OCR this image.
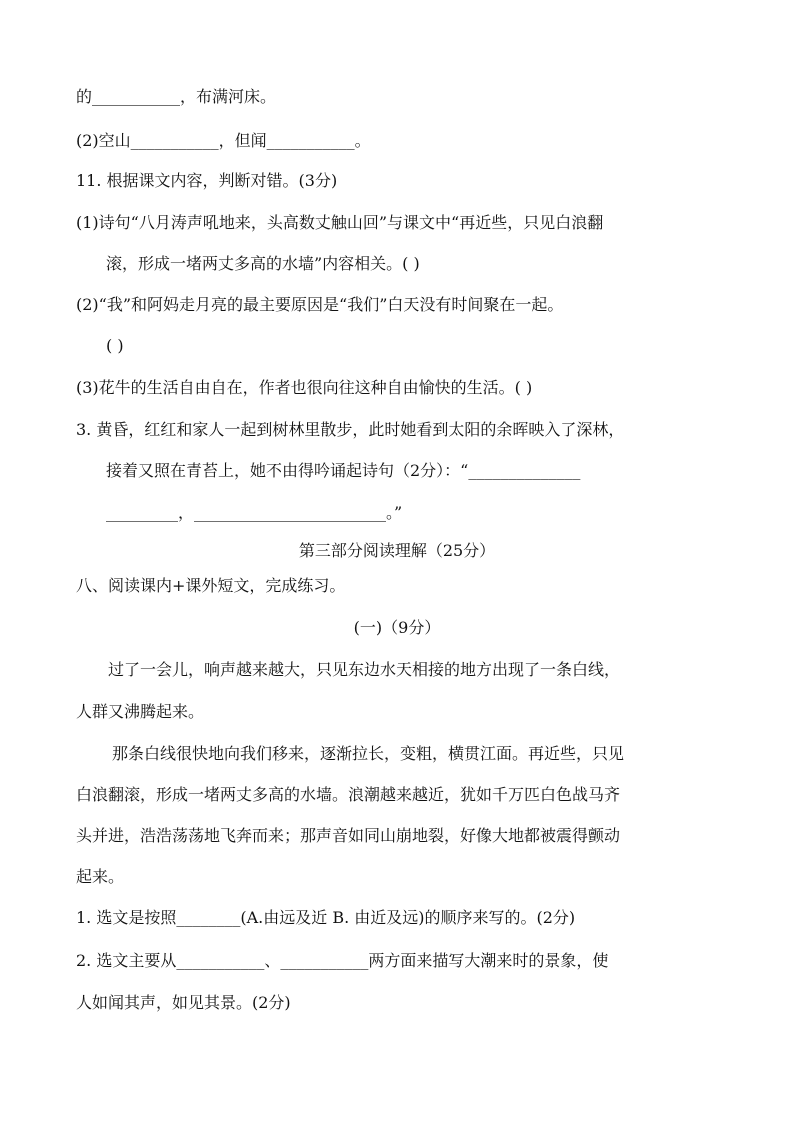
的___________，布满河床。
(2)空山___________，但闻___________。
11. 根据课文内容，判断对错。(3分)
(1)诗句“八月涛声吼地来，头高数丈触山回”与课文中“再近些，只见白浪翻
滚，形成一堵两丈多高的水墙”内容相关。( )
(2)“我”和阿妈走月亮的最主要原因是“我们”白天没有时间聚在一起。
( )
(3)花牛的生活自由自在，作者也很向往这种自由愉快的生活。( )
3. 黄昏，红红和家人一起到树林里散步，此时她看到太阳的余晖映入了深林，
接着又照在青苔上，她不由得吟诵起诗句（2分）：“______________
_________，________________________。”
第三部分阅读理解（25分）
八、阅读课内+课外短文，完成练习。
(一)（9分）
过了一会儿，响声越来越大，只见东边水天相接的地方出现了一条白线，
人群又沸腾起来。
那条白线很快地向我们移来，逐渐拉长，变粗，横贯江面。再近些，只见
白浪翻滚，形成一堵两丈多高的水墙。浪潮越来越近，犹如千万匹白色战马齐
头并进，浩浩荡荡地飞奔而来；那声音如同山崩地裂，好像大地都被震得颤动
起来。
1. 选文是按照________(A.由远及近 B. 由近及远)的顺序来写的。(2分)
2. 选文主要从___________、___________两方面来描写大潮来时的景象，使
人如闻其声，如见其景。(2分)
